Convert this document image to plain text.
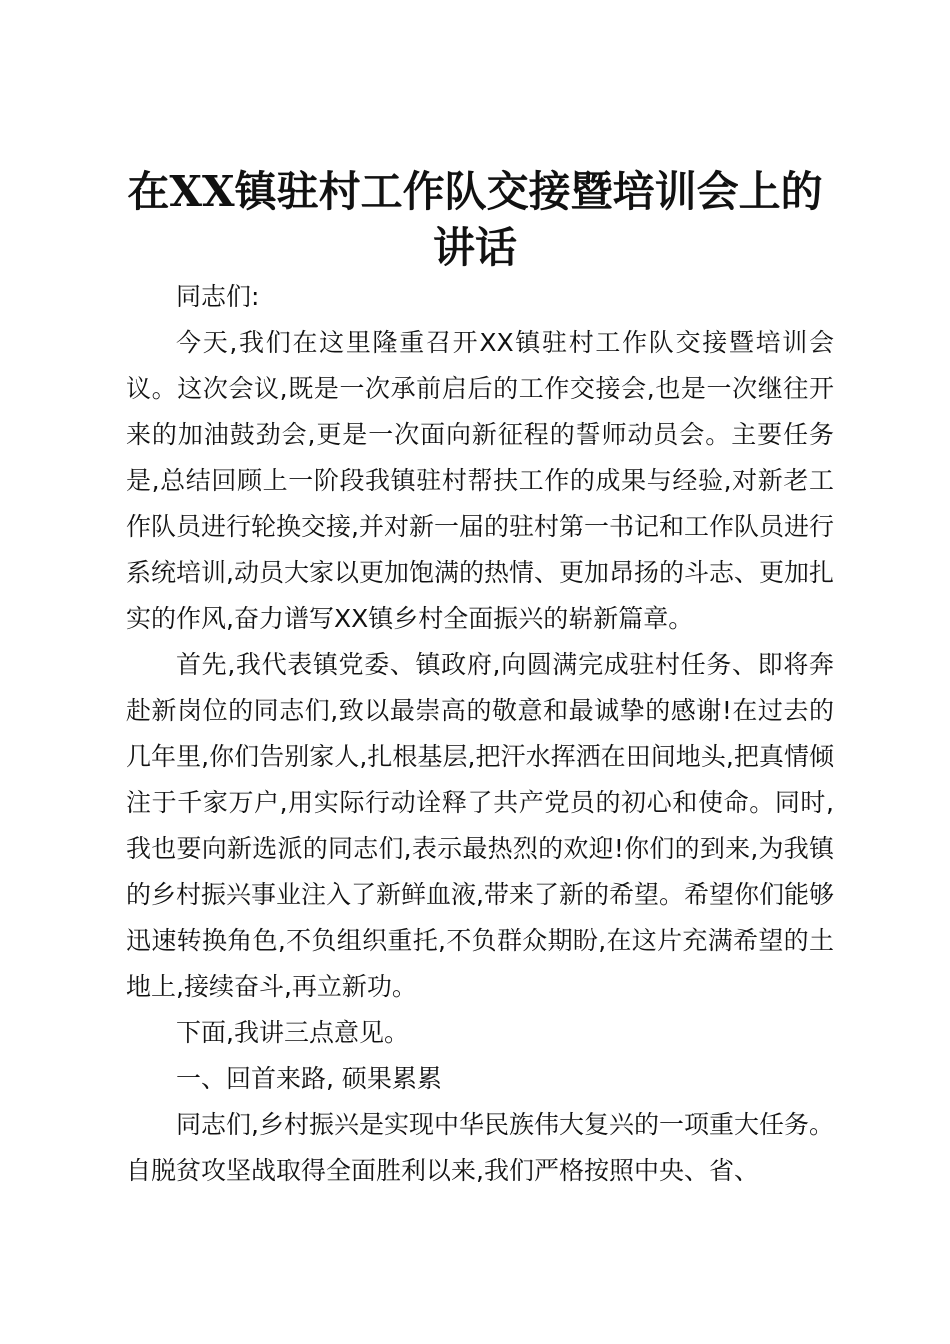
在XX镇驻村工作队交接暨培训会上的讲话

同志们:

今天,我们在这里隆重召开XX镇驻村工作队交接暨培训会议。这次会议,既是一次承前启后的工作交接会,也是一次继往开来的加油鼓劲会,更是一次面向新征程的誓师动员会。主要任务是,总结回顾上一阶段我镇驻村帮扶工作的成果与经验,对新老工作队员进行轮换交接,并对新一届的驻村第一书记和工作队员进行系统培训,动员大家以更加饱满的热情、更加昂扬的斗志、更加扎实的作风,奋力谱写XX镇乡村全面振兴的崭新篇章。

首先,我代表镇党委、镇政府,向圆满完成驻村任务、即将奔赴新岗位的同志们,致以最崇高的敬意和最诚挚的感谢!在过去的几年里,你们告别家人,扎根基层,把汗水挥洒在田间地头,把真情倾注于千家万户,用实际行动诠释了共产党员的初心和使命。同时,我也要向新选派的同志们,表示最热烈的欢迎!你们的到来,为我镇的乡村振兴事业注入了新鲜血液,带来了新的希望。希望你们能够迅速转换角色,不负组织重托,不负群众期盼,在这片充满希望的土地上,接续奋斗,再立新功。

下面,我讲三点意见。

一、回首来路, 硕果累累

同志们,乡村振兴是实现中华民族伟大复兴的一项重大任务。自脱贫攻坚战取得全面胜利以来,我们严格按照中央、省、
